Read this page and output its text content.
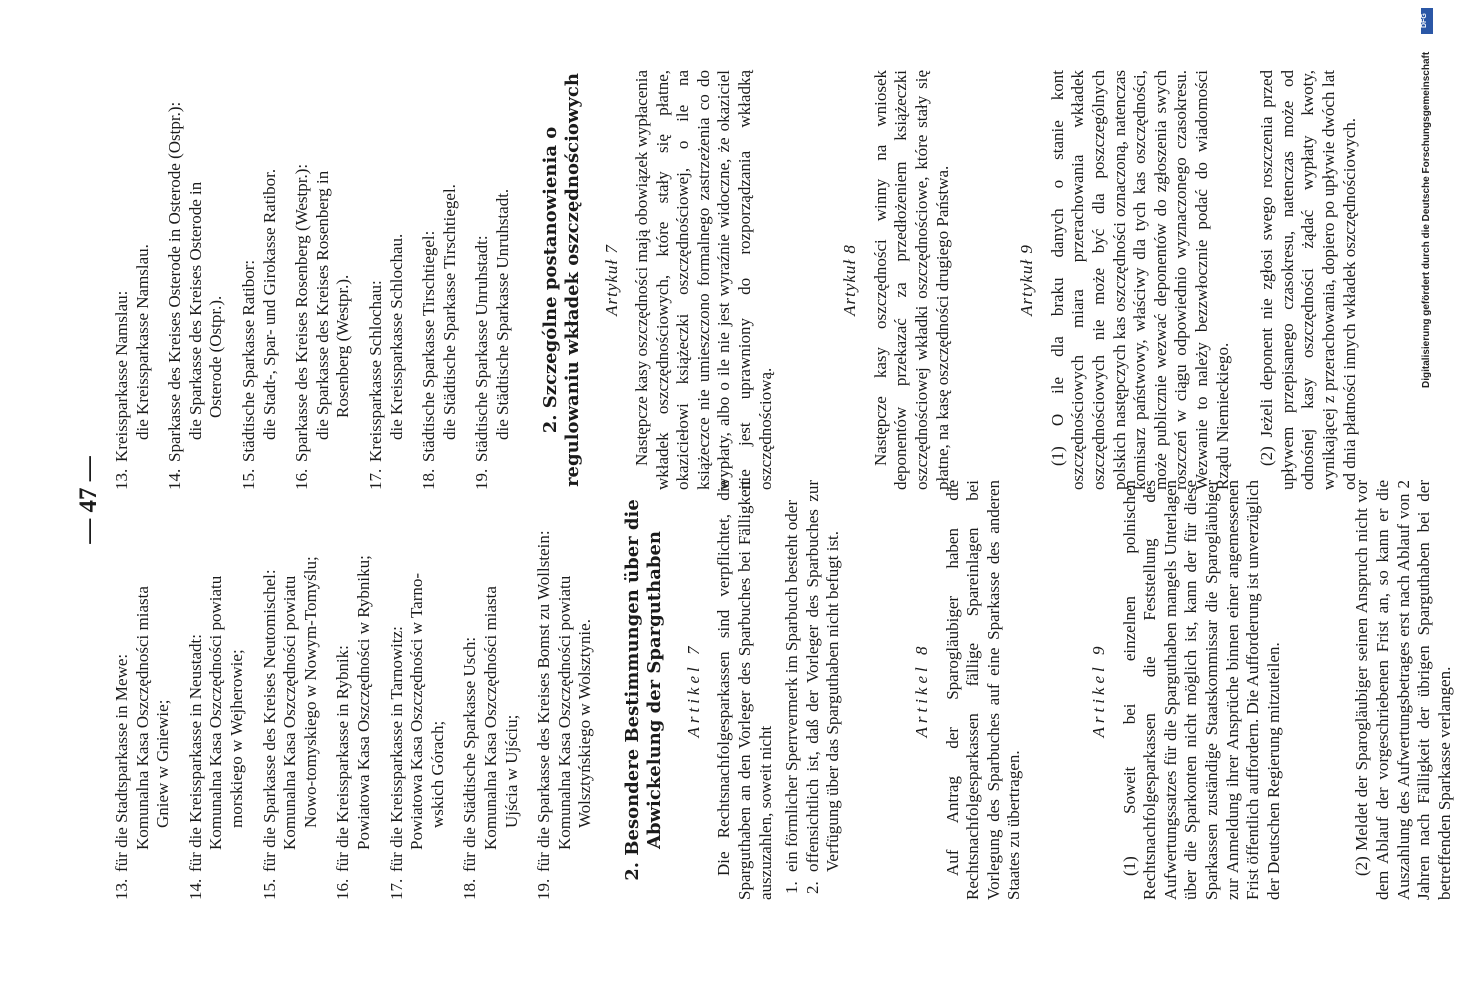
Digitalisierung gefördert durch die Deutsche Forschungsgemeinschaft
DFG
— 47 —
13.
für die Stadtsparkasse in Mewe: Komunalna Kasa Oszczędności miasta Gniew w Gniewie;
14.
für die Kreissparkasse in Neustadt: Komunalna Kasa Oszczędności powiatu morskiego w Wejherowie;
15.
für die Sparkasse des Kreises Neutomischel: Komunalna Kasa Oszczędności powiatu Nowo-tomyskiego w Nowym-Tomyślu;
16.
für die Kreissparkasse in Rybnik: Powiatowa Kasa Oszczędności w Rybniku;
17.
für die Kreissparkasse in Tarnowitz: Powiatowa Kasa Oszczędności w Tarno- wskich Górach;
18.
für die Städtische Sparkasse Usch: Komunalna Kasa Oszczędności miasta Ujścia w Ujściu;
19.
für die Sparkasse des Kreises Bomst zu Wollstein: Komunalna Kasa Oszczędności powiatu Wolsztyńskiego w Wolsztynie. 2. Besondere Bestimmungen über die Abwickelung der Sparguthaben Artikel 7 Die Rechtsnachfolgesparkassen sind verpflichtet, die Sparguthaben an den Vorleger des Sparbuches bei Fälligkeit auszuzahlen, soweit nicht 1.
ein förmlicher Sperrvermerk im Sparbuch besteht oder
2.
offensichtlich ist, daß der Vorleger des Sparbuches zur Verfügung über das Sparguthaben nicht befugt ist.	Artikel 8 Auf Antrag der Sparogläubiger haben die Rechtsnachfolgesparkassen fällige Spareinlagen bei Vorlegung des Sparbuches auf eine Sparkasse des anderen Staates zu übertragen.

Artikel 9 (1) Soweit bei einzelnen polnischen Rechtsnachfolgesparkassen die Feststellung des Aufwertungssatzes für die Sparguthaben mangels Unterlagen über die Sparkonten nicht möglich ist, kann der für diese Sparkassen zuständige Staatskommissar die Sparogläubiger zur Anmeldung ihrer Ansprüche binnen einer angemessenen Frist öffentlich auffordern. Die Aufforderung ist unverzüglich der Deutschen Regierung mitzuteilen.	(2) Meldet der Sparogläubiger seinen Anspruch nicht vor dem Ablauf der vorgeschriebenen Frist an, so kann er die Auszahlung des Aufwertungsbetrages erst nach Ablauf von 2 Jahren nach Fälligkeit der übrigen Sparguthaben bei der betreffenden Sparkasse verlangen.

13.
Kreissparkasse Namslau: die Kreissparkasse Namslau.
14.
Sparkasse des Kreises Osterode in Osterode (Ostpr.): die Sparkasse des Kreises Osterode in Osterode (Ostpr.).
15.
Städtische Sparkasse Ratibor: die Stadt-, Spar- und Girokasse Ratibor.
16.
Sparkasse des Kreises Rosenberg (Westpr.): die Sparkasse des Kreises Rosenberg in Rosenberg (Westpr.).
17.
Kreissparkasse Schlochau: die Kreissparkasse Schlochau.
18.
Städtische Sparkasse Tirschtiegel: die Städtische Sparkasse Tirschtiegel.
19.
Städtische Sparkasse Unruhstadt: die Städtische Sparkasse Unruhstadt. 2. Szczególne postanowienia o regulowaniu wkładek oszczędnościowych Artykuł 7 Następcze kasy oszczędności mają obowiązek wypłacenia wkładek oszczędnościowych, które stały się płatne, okaziciełowi książeczki oszczędnościowej, o ile na książeczce nie umieszczono formalnego zastrzeżenia co do wypłaty, albo o ile nie jest wyraźnie widoczne, że okaziciel nie jest uprawniony do rozporządzania wkładką oszczędnościową.

Artykuł 8 Następcze kasy oszczędności winny na wniosek deponentów przekazać za przedłożeniem książeczki oszczędnościowej wkładki oszczędnościowe, które stały się płatne, na kasę oszczędności drugiego Państwa.	Artykuł 9 (1) O ile dla braku danych o stanie kont oszczędnościowych miara przerachowania wkładek oszczędnościowych nie może być dla poszczególnych polskich następczych kas oszczędności oznaczoną, natenczas komisarz państwowy, właściwy dla tych kas oszczędności, może publicznie wezwać deponentów do zgłoszenia swych roszczeń w ciągu odpowiednio wyznaczonego czasokresu. Wezwanie to należy bezzwłocznie podać do wiadomości Rządu Niemieckiego. (2) Jeżeli deponent nie zgłosi swego roszczenia przed upływem przepisanego czasokresu, natenczas może od odnośnej kasy oszczędności żądać wypłaty kwoty, wynikającej z przerachowania, dopiero po upływie dwóch lat od dnia płatności innych wkładek oszczędnościowych.
